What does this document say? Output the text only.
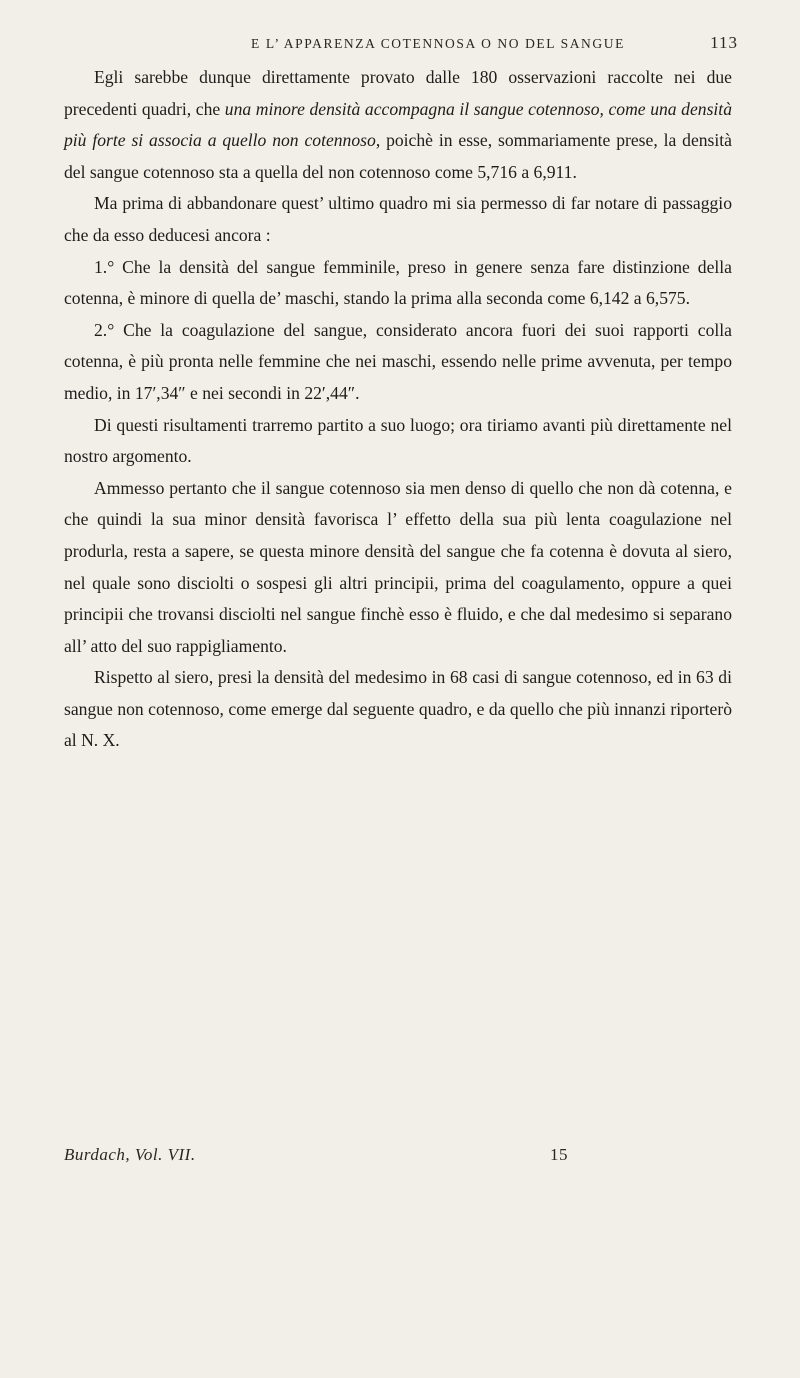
E L’ APPARENZA COTENNOSA O NO DEL SANGUE	113

Egli sarebbe dunque direttamente provato dalle 180 osservazioni raccolte nei due precedenti quadri, che una minore densità accompagna il sangue cotennoso, come una densità più forte si associa a quello non cotennoso, poichè in esse, sommariamente prese, la densità del sangue cotennoso sta a quella del non cotennoso come 5,716 a 6,911.

Ma prima di abbandonare quest’ ultimo quadro mi sia permesso di far notare di passaggio che da esso deducesi ancora :

1.° Che la densità del sangue femminile, preso in genere senza fare distinzione della cotenna, è minore di quella de’ maschi, stando la prima alla seconda come 6,142 a 6,575.

2.° Che la coagulazione del sangue, considerato ancora fuori dei suoi rapporti colla cotenna, è più pronta nelle femmine che nei maschi, essendo nelle prime avvenuta, per tempo medio, in 17′,34″ e nei secondi in 22′,44″.

Di questi risultamenti trarremo partito a suo luogo; ora tiriamo avanti più direttamente nel nostro argomento.

Ammesso pertanto che il sangue cotennoso sia men denso di quello che non dà cotenna, e che quindi la sua minor densità favorisca l’ effetto della sua più lenta coagulazione nel produrla, resta a sapere, se questa minore densità del sangue che fa cotenna è dovuta al siero, nel quale sono disciolti o sospesi gli altri principii, prima del coagulamento, oppure a quei principii che trovansi disciolti nel sangue finchè esso è fluido, e che dal medesimo si separano all’ atto del suo rappigliamento.

Rispetto al siero, presi la densità del medesimo in 68 casi di sangue cotennoso, ed in 63 di sangue non cotennoso, come emerge dal seguente quadro, e da quello che più innanzi riporterò al N. X.

Burdach, Vol. VII.	15
